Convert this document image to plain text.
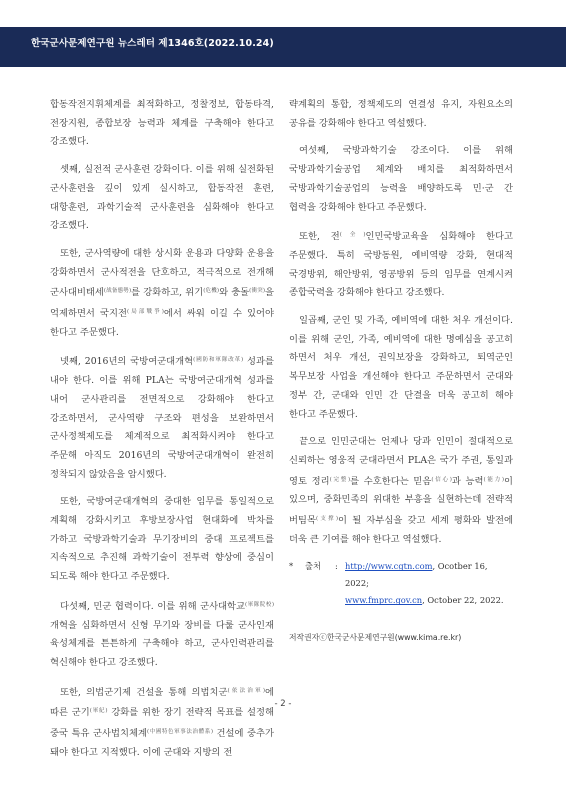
한국군사문제연구원 뉴스레터 제1346호(2022.10.24)

합동작전지휘체계를 최적화하고, 정찰정보, 합동타격, 전장지원, 종합보장 능력과 체계를 구축해야 한다고 강조했다.

셋째, 실전적 군사훈련 강화이다. 이를 위해 실전화된 군사훈련을 깊이 있게 실시하고, 합동작전 훈련, 대항훈련, 과학기술적 군사훈련을 심화해야 한다고 강조했다.

또한, 군사역량에 대한 상시화 운용과 다양화 운용을 강화하면서 군사적전을 단호하고, 적극적으로 전개해 군사대비태세$^{(战备態勢)}$를 강화하고, 위기$^{(危機)}$와 충돌$^{(衝突)}$을 억제하면서 국지전$^{(局部戰爭)}$에서 싸워 이길 수 있어야 한다고 주문했다.

넷째, 2016년의 국방여군대개혁$^{(國防和軍隊改革)}$ 성과를 내야 한다. 이를 위해 PLA는 국방여군대개혁 성과를 내어 군사관리를 전면적으로 강화해야 한다고 강조하면서, 군사역량 구조와 편성을 보완하면서 군사정책제도를 체계적으로 최적화시켜야 한다고 주문해 아직도 2016년의 국방여군대개혁이 완전히 정착되지 않았음을 암시했다.

또한, 국방여군대개혁의 중대한 임무를 통일적으로 계획해 강화시키고 후방보장사업 현대화에 박차를 가하고 국방과학기술과 무기장비의 중대 프로젝트를 지속적으로 추진해 과학기술이 전투력 향상에 중심이 되도록 해야 한다고 주문했다.

다섯째, 민군 협력이다. 이를 위해 군사대학교$^{(軍隊院校)}$ 개혁을 심화하면서 신형 무기와 장비를 다룰 군사인재 육성체계를 튼튼하게 구축해야 하고, 군사인력관리를 혁신해야 한다고 강조했다.

또한, 의법군기제 건설을 통해 의법치군$^{(依法治軍)}$에 따른 군기$^{(軍紀)}$ 강화를 위한 장기 전략적 목표를 설정해 중국 특유 군사법치체계$^{(中國特色軍事法治體系)}$ 건설에 중추가 돼야 한다고 지적했다. 이에 군대와 지방의 전

략계획의 통합, 정책제도의 연결성 유지, 자원요소의 공유를 강화해야 한다고 역설했다.

여섯째, 국방과학기술 강조이다. 이를 위해 국방과학기술공업 체계와 배치를 최적화하면서 국방과학기술공업의 능력을 배양하도록 민·군 간 협력을 강화해야 한다고 주문했다.

또한, 전$^{(全)}$인민국방교육을 심화해야 한다고 주문했다. 특히 국방동원, 예비역량 강화, 현대적 국경방위, 해안방위, 영공방위 등의 임무를 연계시켜 종합국력을 강화해야 한다고 강조했다.

일곱째, 군인 및 가족, 예비역에 대한 처우 개선이다. 이를 위해 군인, 가족, 예비역에 대한 명예심을 공고히 하면서 처우 개선, 권익보장을 강화하고, 퇴역군인 복무보장 사업을 개선해야 한다고 주문하면서 군대와 정부 간, 군대와 인민 간 단결을 더욱 공고히 해야 한다고 주문했다.

끝으로 인민군대는 언제나 당과 인민이 절대적으로 신뢰하는 영웅적 군대라면서 PLA은 국가 주권, 통일과 영토 정리$^{(完整)}$를 수호한다는 믿음$^{(信心)}$과 능력$^{(能力)}$이 있으며, 중화민족의 위대한 부흥을 실현하는데 전략적 버팀목$^{(支撑)}$이 될 자부심을 갖고 세계 평화와 발전에 더욱 큰 기여를 해야 한다고 역설했다.

*	출처	: http://www.cgtn.com, Ocotber 16, 2022;
www.fmprc.gov.cn, October 22, 2022.
저작권자ⓒ한국군사문제연구원(www.kima.re.kr)
- 2 -
